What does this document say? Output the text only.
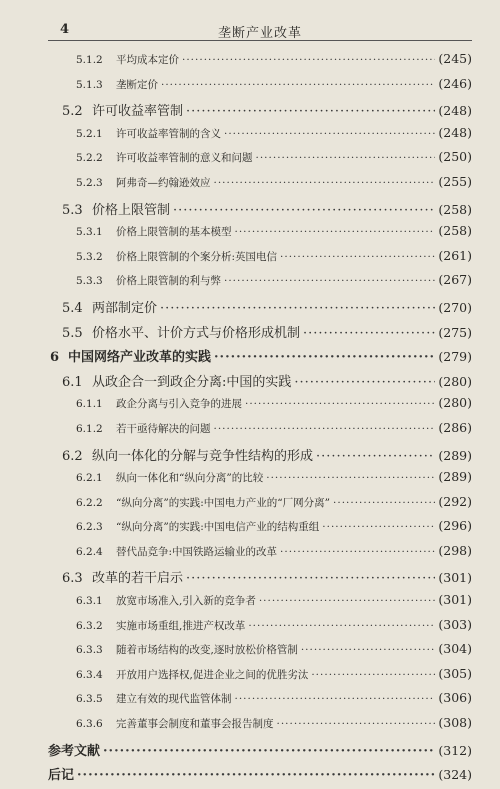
4	垄断产业改革
5.1.2	平均成本定价 ·····	(245)
5.1.3	垄断定价 ·····	(246)
5.2 许可收益率管制 ·····	(248)
5.2.1	许可收益率管制的含义 ·····	(248)
5.2.2	许可收益率管制的意义和问题 ·····	(250)
5.2.3	阿弗奇—约翰逊效应 ·····	(255)
5.3 价格上限管制 ·····	(258)
5.3.1	价格上限管制的基本模型 ·····	(258)
5.3.2	价格上限管制的个案分析:英国电信 ·····	(261)
5.3.3	价格上限管制的利与弊 ·····	(267)
5.4 两部制定价 ·····	(270)
5.5 价格水平、计价方式与价格形成机制 ·····	(275)
6 中国网络产业改革的实践 ·····	(279)
6.1 从政企合一到政企分离:中国的实践 ·····	(280)
6.1.1	政企分离与引入竞争的进展 ·····	(280)
6.1.2	若干亟待解决的问题 ·····	(286)
6.2 纵向一体化的分解与竞争性结构的形成 ·····	(289)
6.2.1	纵向一体化和“纵向分离”的比较 ·····	(289)
6.2.2	“纵向分离”的实践:中国电力产业的“厂网分离” ·····	(292)
6.2.3	“纵向分离”的实践:中国电信产业的结构重组 ·····	(296)
6.2.4	替代品竞争:中国铁路运输业的改革 ·····	(298)
6.3 改革的若干启示 ·····	(301)
6.3.1	放宽市场准入,引入新的竞争者 ·····	(301)
6.3.2	实施市场重组,推进产权改革 ·····	(303)
6.3.3	随着市场结构的改变,逐时放松价格管制 ·····	(304)
6.3.4	开放用户选择权,促进企业之间的优胜劣汰 ·····	(305)
6.3.5	建立有效的现代监管体制 ·····	(306)
6.3.6	完善董事会制度和董事会报告制度 ·····	(308)
参考文献 ·····	(312)
后记 ·····	(324)
